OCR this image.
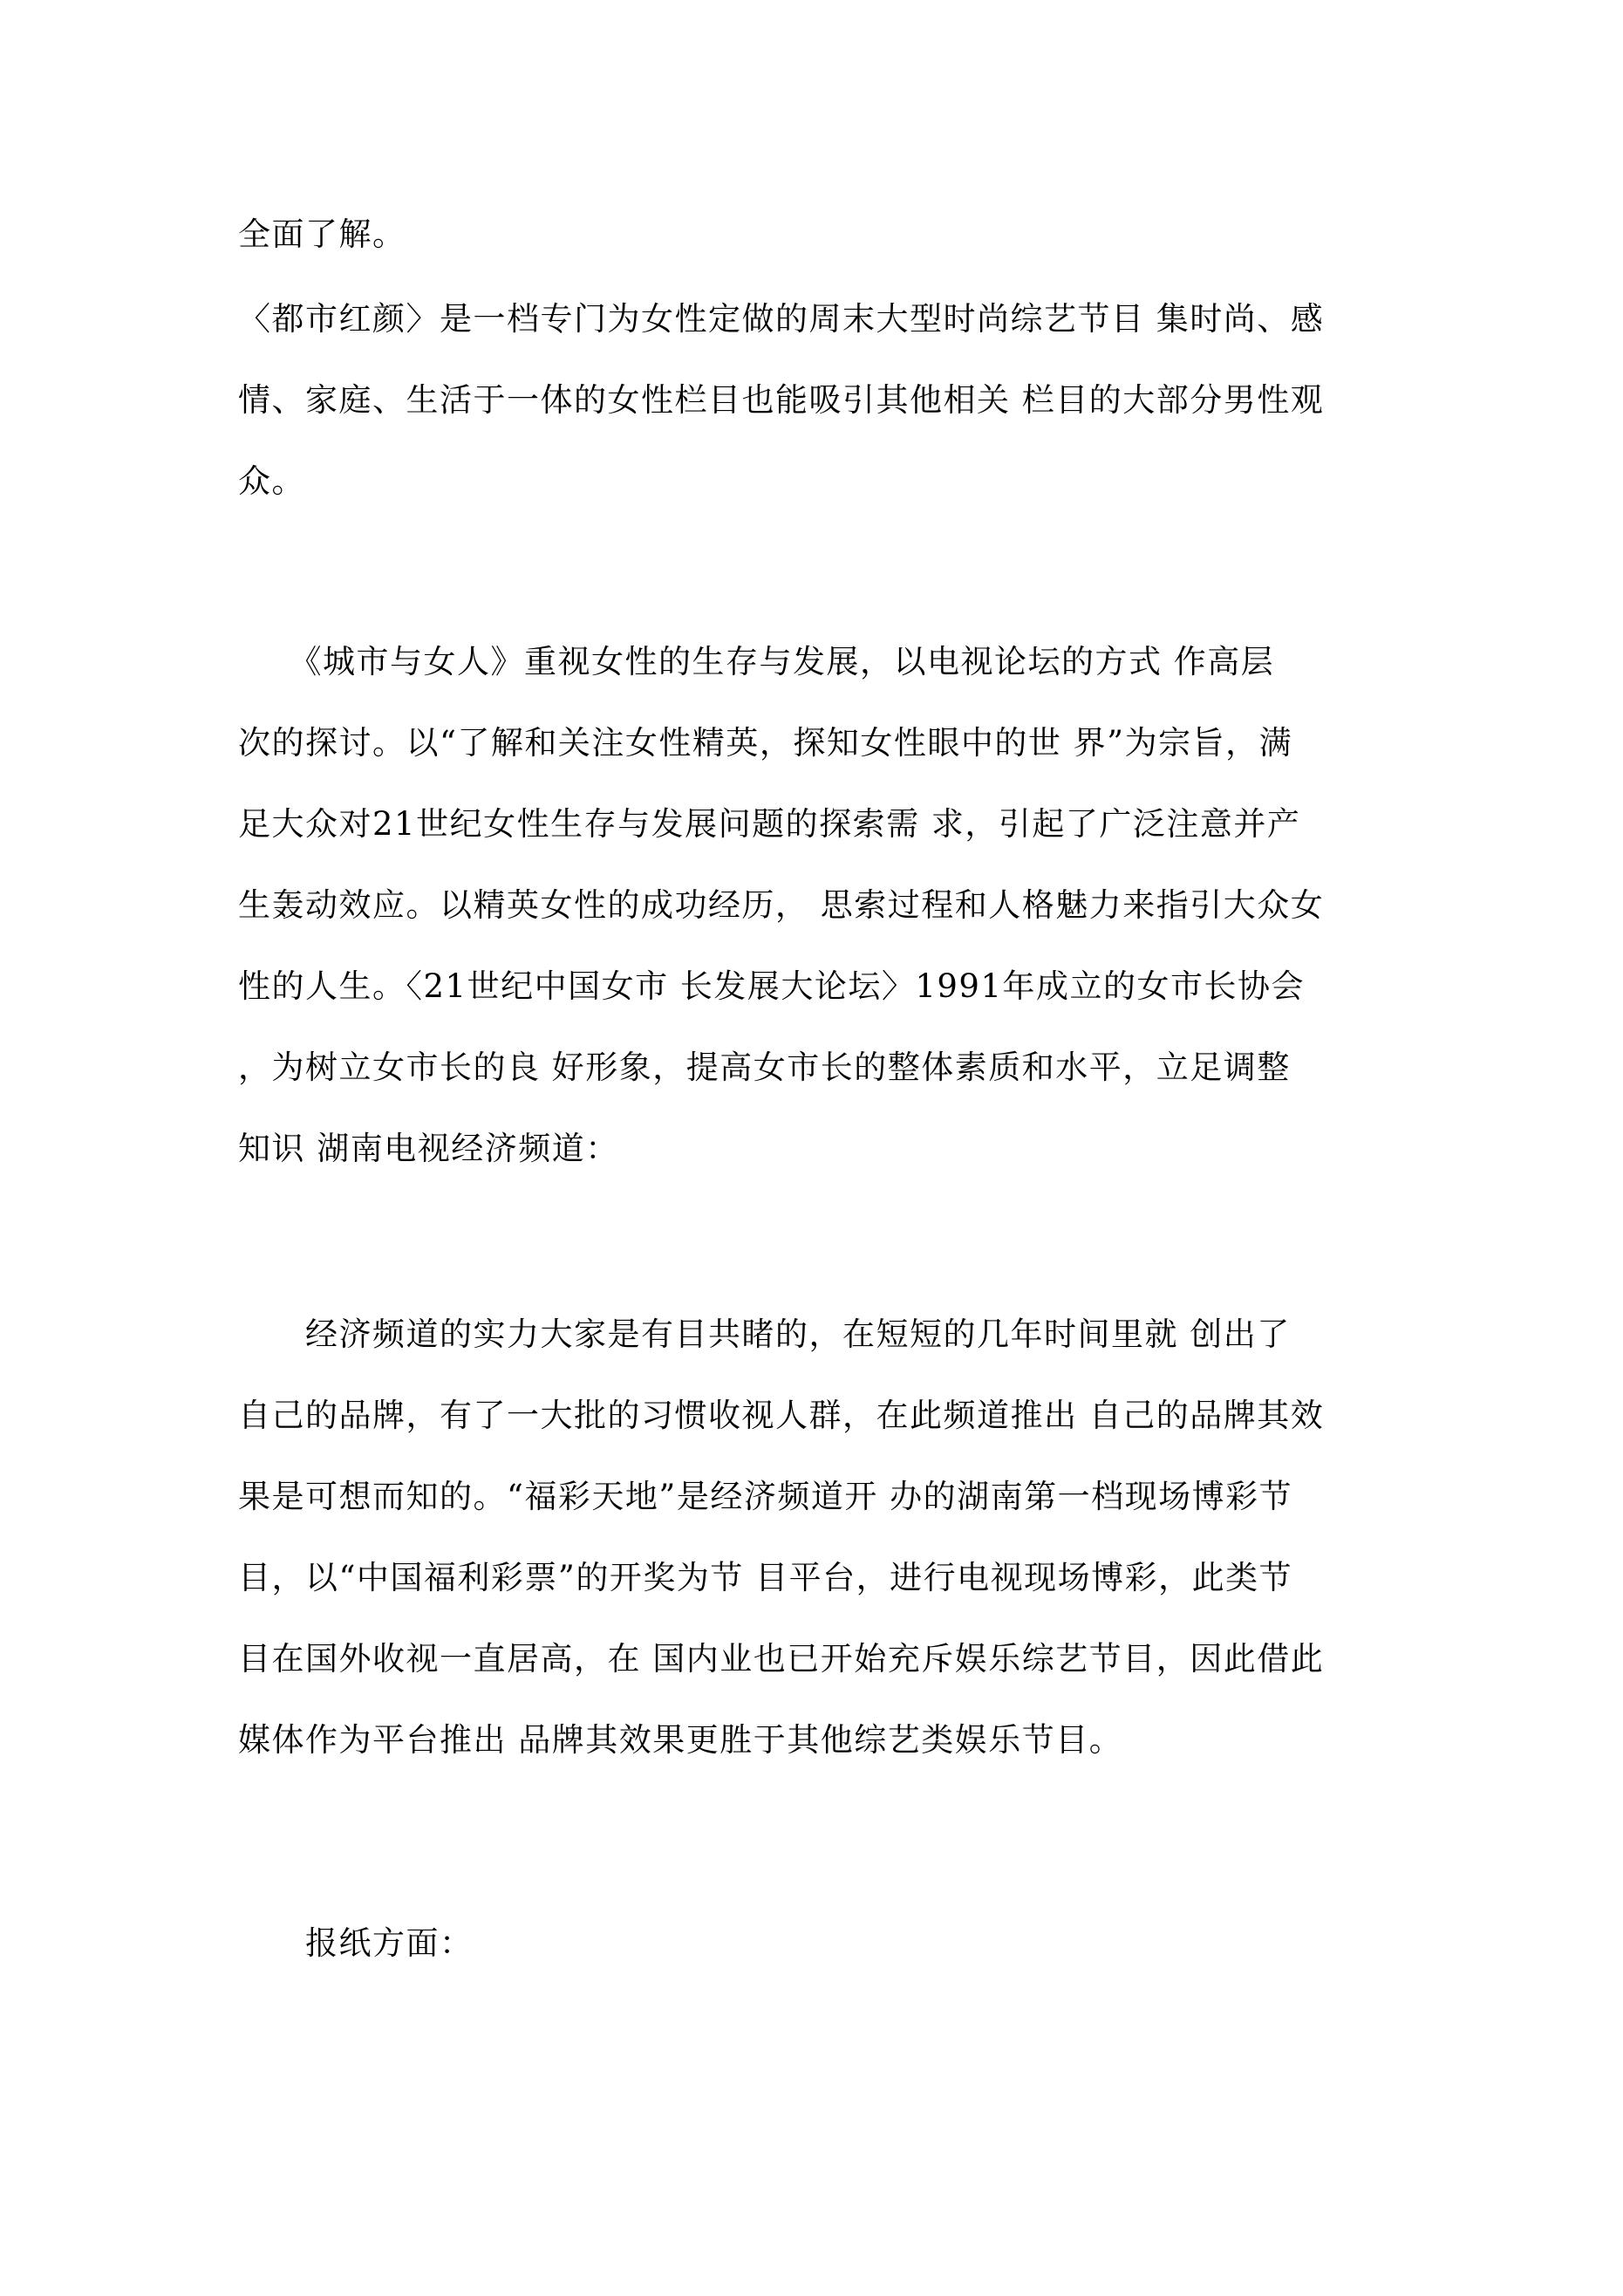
全面了解。

〈都市红颜〉是一档专门为女性定做的周末大型时尚综艺节目 集时尚、感
情、家庭、生活于一体的女性栏目也能吸引其他相关 栏目的大部分男性观
众。

　　《城市与女人》重视女性的生存与发展，以电视论坛的方式 作高层
次的探讨。以“了解和关注女性精英，探知女性眼中的世 界”为宗旨，满
足大众对21世纪女性生存与发展问题的探索需 求，引起了广泛注意并产
生轰动效应。以精英女性的成功经历， 思索过程和人格魅力来指引大众女
性的人生。〈21世纪中国女市 长发展大论坛〉1991年成立的女市长协会
，为树立女市长的良 好形象，提高女市长的整体素质和水平，立足调整
知识 湖南电视经济频道：

　　经济频道的实力大家是有目共睹的，在短短的几年时间里就 创出了
自己的品牌，有了一大批的习惯收视人群，在此频道推出 自己的品牌其效
果是可想而知的。“福彩天地”是经济频道开 办的湖南第一档现场博彩节
目，以“中国福利彩票”的开奖为节 目平台，进行电视现场博彩，此类节
目在国外收视一直居高，在 国内业也已开始充斥娱乐综艺节目，因此借此
媒体作为平台推出 品牌其效果更胜于其他综艺类娱乐节目。

　　报纸方面：
